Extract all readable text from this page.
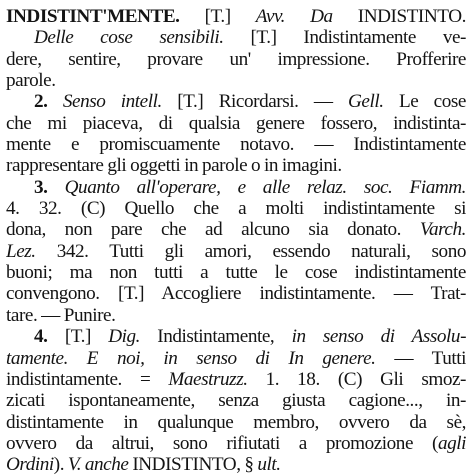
INDISTINT'MENTE. [T.] Avv. Da INDISTINTO.
Delle cose sensibili. [T.] Indistintamente ve-
dere, sentire, provare un' impressione. Profferire
parole.
2. Senso intell. [T.] Ricordarsi. — Gell. Le cose
che mi piaceva, di qualsia genere fossero, indistinta-
mente e promiscuamente notavo. — Indistintamente
rappresentare gli oggetti in parole o in imagini.
3. Quanto all'operare, e alle relaz. soc. Fiamm.
4. 32. (C) Quello che a molti indistintamente si
dona, non pare che ad alcuno sia donato. Varch.
Lez. 342. Tutti gli amori, essendo naturali, sono
buoni; ma non tutti a tutte le cose indistintamente
convengono. [T.] Accogliere indistintamente. — Trat-
tare. — Punire.
4. [T.] Dig. Indistintamente, in senso di Assolu-
tamente. E noi, in senso di In genere. — Tutti
indistintamente. = Maestruzz. 1. 18. (C) Gli smoz-
zicati ispontaneamente, senza giusta cagione..., in-
distintamente in qualunque membro, ovvero da sè,
ovvero da altrui, sono rifiutati a promozione (agli
Ordini). V. anche INDISTINTO, § ult.
